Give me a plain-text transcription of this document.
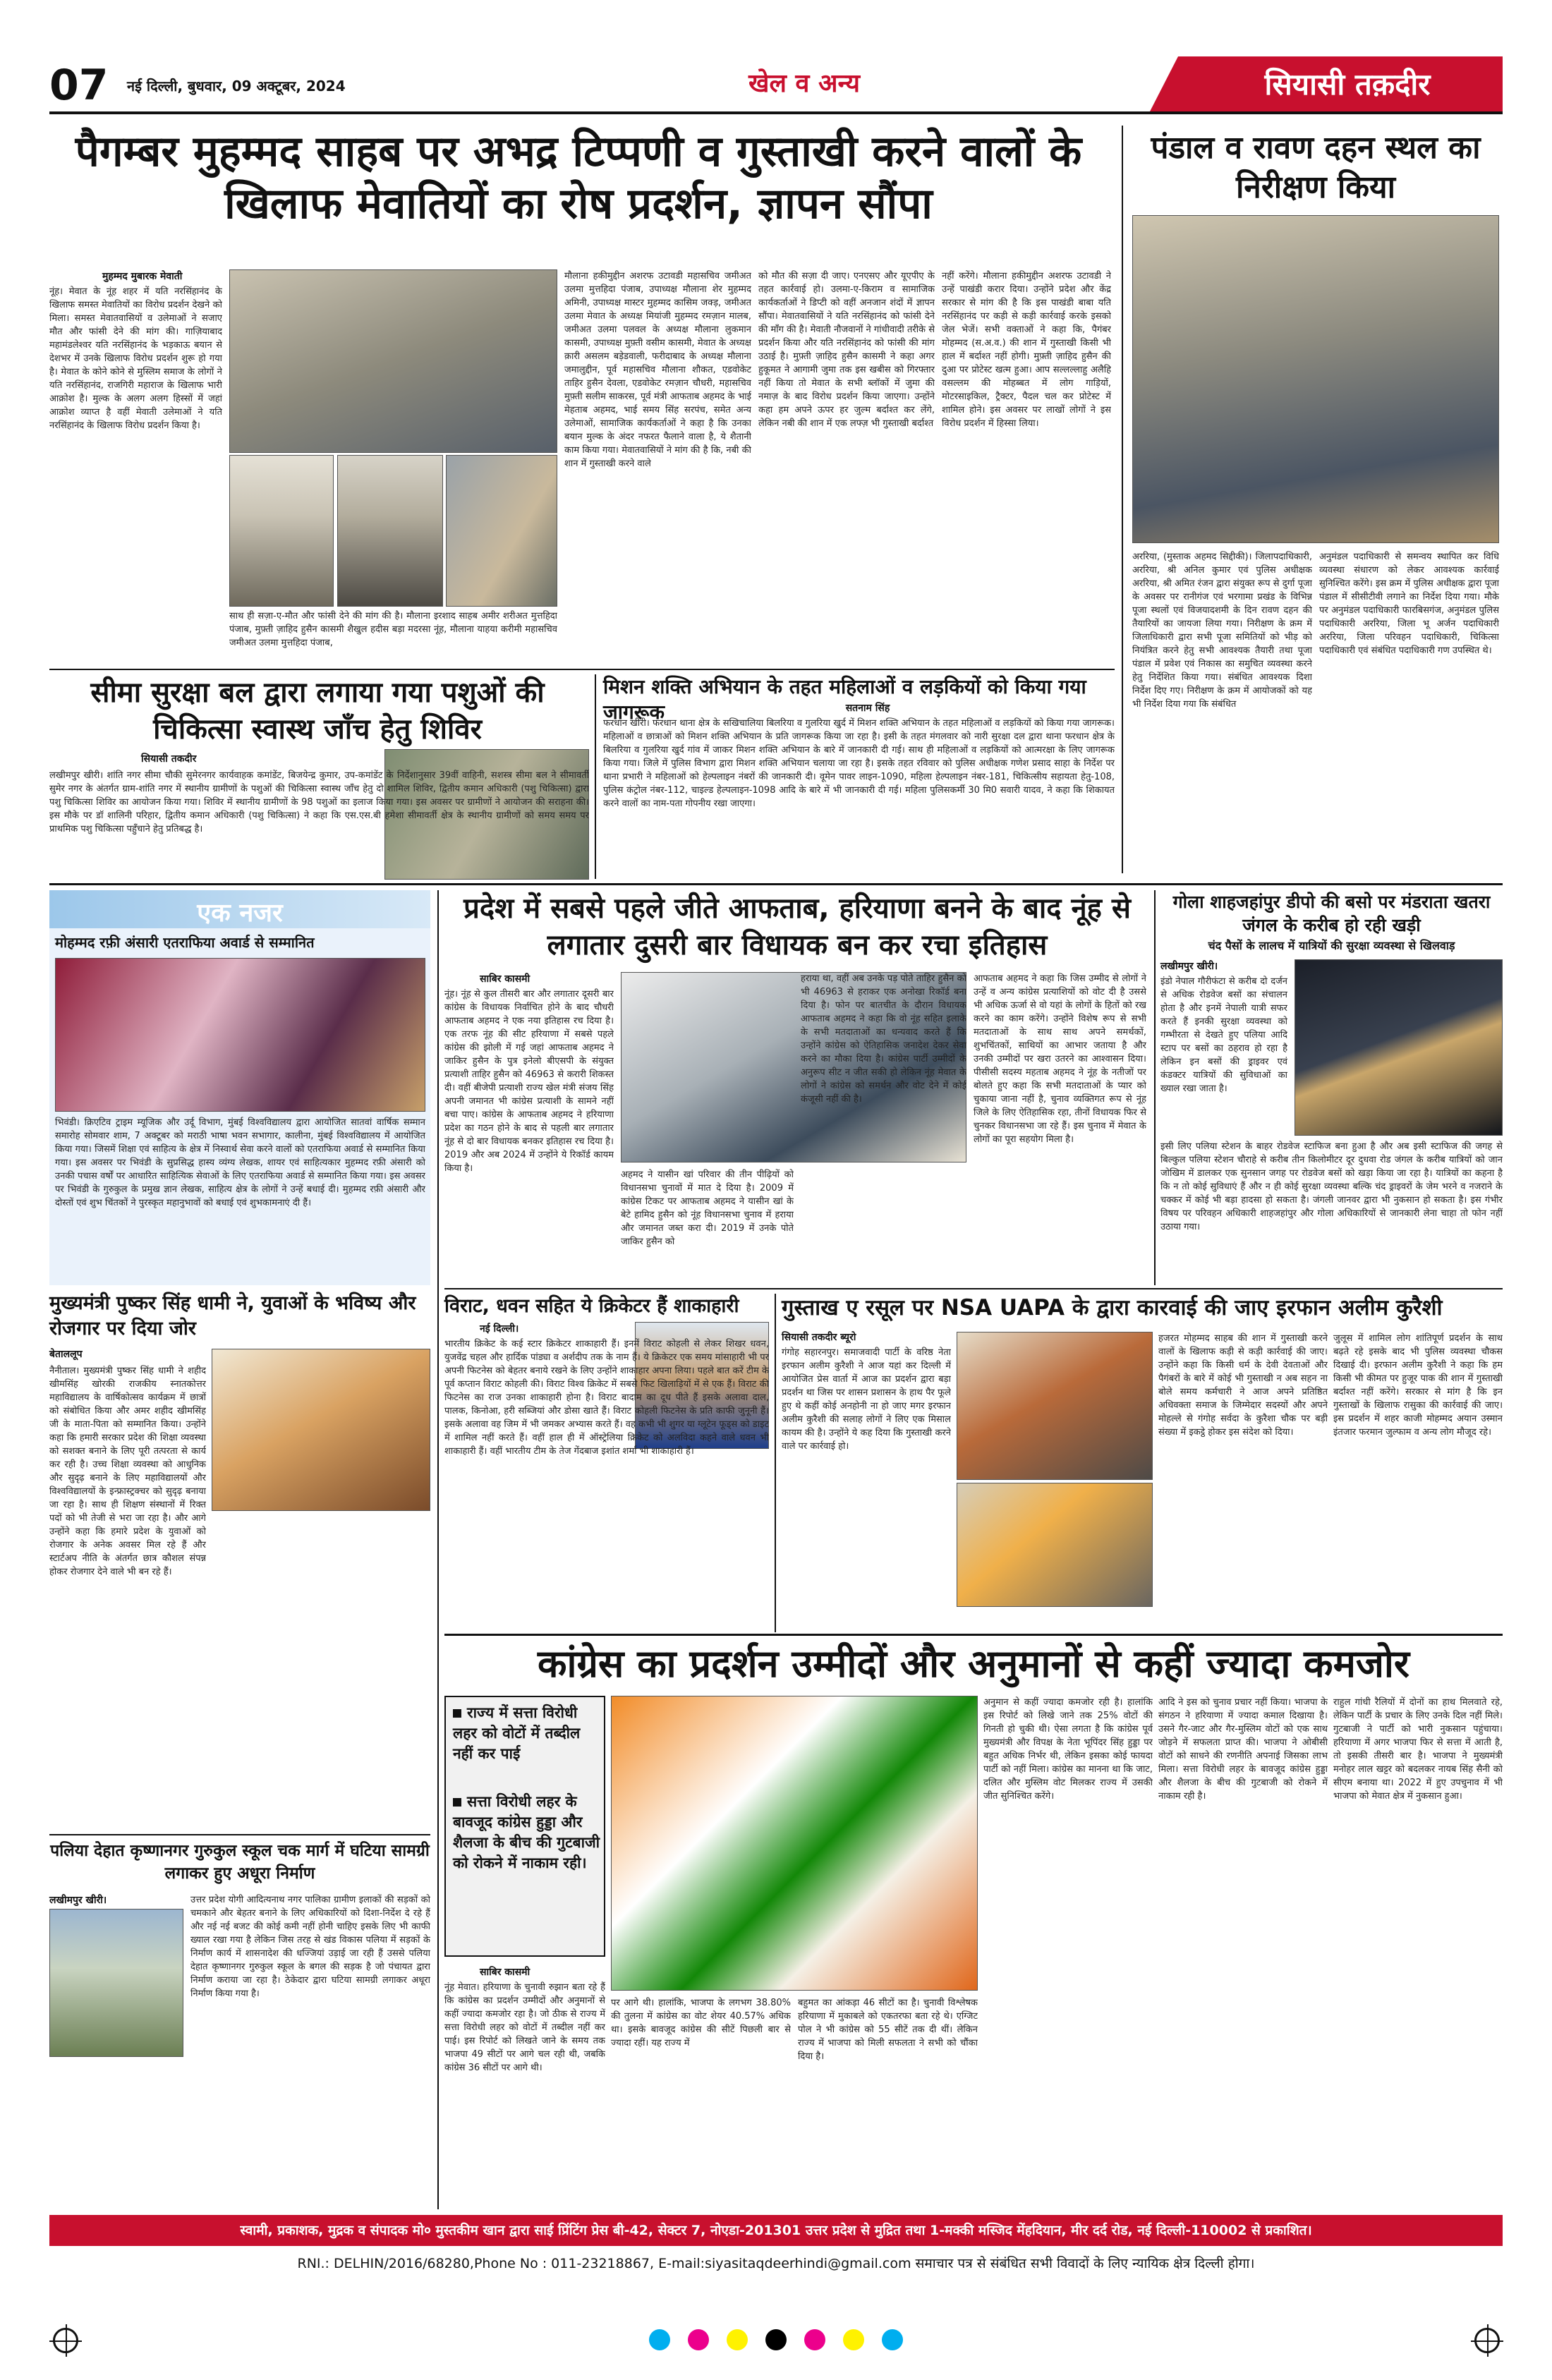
07 नई दिल्ली, बुधवार, 09 अक्टूबर, 2024	खेल व अन्य	सियासी तक़दीर
पैगम्बर मुहम्मद साहब पर अभद्र टिप्पणी व गुस्ताखी करने वालों के खिलाफ मेवातियों का रोष प्रदर्शन, ज्ञापन सौंपा
मुहम्मद मुबारक मेवाती
नूंह। मेवात के नूंह शहर में यति नरसिंहानंद के खिलाफ समस्त मेवातियों का विरोध प्रदर्शन देखने को मिला। समस्त मेवातवासियों व उलेमाओं ने सजाए मौत और फांसी देने की मांग की। गाज़ियाबाद महामंडलेश्वर यति नरसिंहानंद के भड़काऊ बयान से देशभर में उनके खिलाफ विरोध प्रदर्शन शुरू हो गया है। मेवात के कोने कोने से मुस्लिम समाज के लोगों ने यति नरसिंहानंद, राजगिरी महाराज के खिलाफ भारी आक्रोश है। मुल्क के अलग अलग हिस्सों में जहां आक्रोश व्याप्त है वहीं मेवाती उलेमाओं ने यति नरसिंहानंद के खिलाफ विरोध प्रदर्शन किया है।
साथ ही सज़ा-ए-मौत और फांसी देने की मांग की है। मौलाना इरशाद साहब अमीर शरीअत मुत्तहिदा पंजाब, मुफ़्ती ज़ाहिद हुसैन कासमी शैखुल हदीस बड़ा मदरसा नूंह, मौलाना याहया करीमी महासचिव जमीअत उलमा मुत्तहिदा पंजाब,
मौलाना हकीमुद्दीन अशरफ उटावडी महासचिव जमीअत उलमा मुत्तहिदा पंजाब, उपाध्यक्ष मौलाना शेर मुहम्मद अमिनी, उपाध्यक्ष मास्टर मुहम्मद कासिम जक्ड़, जमीअत उलमा मेवात के अध्यक्ष मियांजी मुहम्मद रमज़ान मालब, जमीअत उलमा पलवल के अध्यक्ष मौलाना लुकमान कासमी, उपाध्यक्ष मुफ़्ती वसीम कासमी, मेवात के अध्यक्ष क़ारी असलम बड़ेडवाली, फरीदाबाद के अध्यक्ष मौलाना जमालुद्दीन, पूर्व महासचिव मौलाना शौकत, एडवोकेट ताहिर हुसैन देवला, एडवोकेट रमज़ान चौधरी, महासचिव मुफ़्ती सलीम साकरस, पूर्व मंत्री आफताब अहमद के भाई मेहताब अहमद, भाई समय सिंह सरपंच, समेत अन्य उलेमाओं, सामाजिक कार्यकर्ताओं ने कहा है कि उनका बयान मुल्क के अंदर नफरत फैलाने वाला है, ये शैतानी काम किया गया। मेवातवासियों ने मांग की है कि, नबी की शान में गुस्ताखी करने वाले
को मौत की सज़ा दी जाए। एनएसए और यूएपीए के तहत कार्रवाई हो। उलमा-ए-किराम व सामाजिक कार्यकर्ताओं ने डिप्टी को वहीं अनजान शंदों में ज्ञापन सौंपा। मेवातवासियों ने यति नरसिंहानंद को फांसी देने की माँग की है। मेवाती नौजवानों ने गांधीवादी तरीके से प्रदर्शन किया और यति नरसिंहानंद को फांसी की मांग उठाई है। मुफ़्ती ज़ाहिद हुसैन कासमी ने कहा अगर हुकूमत ने आगामी जुमा तक इस खबीस को गिरफ्तार नहीं किया तो मेवात के सभी ब्लॉकों में जुमा की नमाज़ के बाद विरोध प्रदर्शन किया जाएगा। उन्होंने कहा हम अपने ऊपर हर जुल्म बर्दाश्त कर लेंगे, लेकिन नबी की शान में एक लफ्ज़ भी गुस्ताखी बर्दाश्त
नहीं करेंगे। मौलाना हकीमुद्दीन अशरफ उटावडी ने उन्हें पाखंडी करार दिया। उन्होंने प्रदेश और केंद्र सरकार से मांग की है कि इस पाखंडी बाबा यति नरसिंहानंद पर कड़ी से कड़ी कार्रवाई करके इसको जेल भेजें। सभी वक्ताओं ने कहा कि, पैगंबर मोहम्मद (स.अ.व.) की शान में गुस्ताखी किसी भी हाल में बर्दाश्त नहीं होगी। मुफ़्ती ज़ाहिद हुसैन की दुआ पर प्रोटेस्ट खत्म हुआ। आप सल्लल्लाहु अलैहि वसल्लम की मोहब्बत में लोग गाड़ियों, मोटरसाइकिल, ट्रैक्टर, पैदल चल कर प्रोटेस्ट में शामिल होने। इस अवसर पर लाखों लोगों ने इस विरोध प्रदर्शन में हिस्सा लिया।
पंडाल व रावण दहन स्थल का निरीक्षण किया
अररिया, (मुस्ताक अहमद सिद्दीकी)। जिलापदाधिकारी, अररिया, श्री अनिल कुमार एवं पुलिस अधीक्षक अररिया, श्री अमित रंजन द्वारा संयुक्त रूप से दुर्गा पूजा के अवसर पर रानीगंज एवं भरगामा प्रखंड के विभिन्न पूजा स्थलों एवं विजयादशमी के दिन रावण दहन की तैयारियों का जायजा लिया गया। निरीक्षण के क्रम में जिलाधिकारी द्वारा सभी पूजा समितियों को भीड़ को नियंत्रित करने हेतु सभी आवश्यक तैयारी तथा पूजा पंडाल में प्रवेश एवं निकास का समुचित व्यवस्था करने हेतु निर्देशित किया गया। संबंधित आवश्यक दिशा निर्देश दिए गए। निरीक्षण के क्रम में आयोजकों को यह भी निर्देश दिया गया कि संबंधित
अनुमंडल पदाधिकारी से समन्वय स्थापित कर विधि व्यवस्था संधारण को लेकर आवश्यक कार्रवाई सुनिश्चित करेंगे। इस क्रम में पुलिस अधीक्षक द्वारा पूजा पंडाल में सीसीटीवी लगाने का निर्देश दिया गया। मौके पर अनुमंडल पदाधिकारी फारबिसगंज, अनुमंडल पुलिस पदाधिकारी अररिया, जिला भू अर्जन पदाधिकारी अररिया, जिला परिवहन पदाधिकारी, चिकित्सा पदाधिकारी एवं संबंधित पदाधिकारी गण उपस्थित थे।
सीमा सुरक्षा बल द्वारा लगाया गया पशुओं की चिकित्सा स्वास्थ जाँच हेतु शिविर
सियासी तकदीर
लखीमपुर खीरी। शांति नगर सीमा चौकी सुमेरनगर कार्यवाहक कमांडेंट, बिजयेन्द्र कुमार, उप-कमांडेंट के निर्देशानुसार 39वीं वाहिनी, सशस्त्र सीमा बल ने सीमावर्ती सुमेर नगर के अंतर्गत ग्राम-शांति नगर में स्थानीय ग्रामीणों के पशुओं की चिकित्सा स्वास्थ जाँच हेतु दो शामिल शिविर, द्वितीय कमान अधिकारी (पशु चिकित्सा) द्वारा पशु चिकित्सा शिविर का आयोजन किया गया। शिविर में स्थानीय ग्रामीणों के 98 पशुओं का इलाज किया गया। इस अवसर पर ग्रामीणों ने आयोजन की सराहना की। इस मौके पर डॉ शालिनी परिहार, द्वितीय कमान अधिकारी (पशु चिकित्सा) ने कहा कि एस.एस.बी हमेशा सीमावर्ती क्षेत्र के स्थानीय ग्रामीणों को समय समय पर प्राथमिक पशु चिकित्सा पहुँचाने हेतु प्रतिबद्ध है।
मिशन शक्ति अभियान के तहत महिलाओं व लड़कियों को किया गया जागरूक	सतनाम सिंह
फरधान खीरी। फरधान थाना क्षेत्र के सखिचालिया बिलरिया व गुलरिया खुर्द में मिशन शक्ति अभियान के तहत महिलाओं व लड़कियों को किया गया जागरूक। महिलाओं व छात्राओं को मिशन शक्ति अभियान के प्रति जागरूक किया जा रहा है। इसी के तहत मंगलवार को नारी सुरक्षा दल द्वारा थाना फरधान क्षेत्र के बिलरिया व गुलरिया खुर्द गांव में जाकर मिशन शक्ति अभियान के बारे में जानकारी दी गई। साथ ही महिलाओं व लड़कियों को आत्मरक्षा के लिए जागरूक किया गया। जिले में पुलिस विभाग द्वारा मिशन शक्ति अभियान चलाया जा रहा है। इसके तहत रविवार को पुलिस अधीक्षक गणेश प्रसाद साहा के निर्देश पर थाना प्रभारी ने महिलाओं को हेल्पलाइन नंबरों की जानकारी दी। वूमेन पावर लाइन-1090, महिला हेल्पलाइन नंबर-181, चिकित्सीय सहायता हेतु-108, पुलिस कंट्रोल नंबर-112, चाइल्ड हेल्पलाइन-1098 आदि के बारे में भी जानकारी दी गई। महिला पुलिसकर्मी 30 मि0 सवारी यादव, ने कहा कि शिकायत करने वालों का नाम-पता गोपनीय रखा जाएगा।
एक नजर
मोहम्मद रफ़ी अंसारी एतराफिया अवार्ड से सम्मानित
भिवंडी। क्रिएटिव ट्राइम म्यूजिक और उर्दू विभाग, मुंबई विश्वविद्यालय द्वारा आयोजित सातवां वार्षिक सम्मान समारोह सोमवार शाम, 7 अक्टूबर को मराठी भाषा भवन सभागार, कालीना, मुंबई विश्वविद्यालय में आयोजित किया गया। जिसमें शिक्षा एवं साहित्य के क्षेत्र में निस्वार्थ सेवा करने वालों को एतराफिया अवार्ड से सम्मानित किया गया। इस अवसर पर भिवंडी के सुप्रसिद्ध हास्य व्यंग्य लेखक, शायर एवं साहित्यकार मुहम्मद रफ़ी अंसारी को उनकी पचास वर्षों पर आधारित साहित्यिक सेवाओं के लिए एतराफिया अवार्ड से सम्मानित किया गया। इस अवसर पर भिवंडी के गुरुकुल के प्रमुख ज्ञान लेखक, साहित्य क्षेत्र के लोगों ने उन्हें बधाई दी। मुहम्मद रफ़ी अंसारी और दोस्तों एवं शुभ चिंतकों ने पुरस्कृत महानुभावों को बधाई एवं शुभकामनाएं दी हैं।
मुख्यमंत्री पुष्कर सिंह धामी ने, युवाओं के भविष्य और रोजगार पर दिया जोर
बेताललूप
नैनीताल। मुख्यमंत्री पुष्कर सिंह धामी ने शहीद खीमसिंह खोरकी राजकीय स्नातकोत्तर महाविद्यालय के वार्षिकोत्सव कार्यक्रम में छात्रों को संबोधित किया और अमर शहीद खीमसिंह जी के माता-पिता को सम्मानित किया। उन्होंने कहा कि हमारी सरकार प्रदेश की शिक्षा व्यवस्था को सशक्त बनाने के लिए पूरी तत्परता से कार्य कर रही है। उच्च शिक्षा व्यवस्था को आधुनिक और सुदृढ़ बनाने के लिए महाविद्यालयों और विश्वविद्यालयों के इन्फ्रास्ट्रक्चर को सुदृढ़ बनाया जा रहा है। साथ ही शिक्षण संस्थानों में रिक्त पदों को भी तेजी से भरा जा रहा है। और आगे उन्होंने कहा कि हमारे प्रदेश के युवाओं को रोजगार के अनेक अवसर मिल रहे हैं और स्टार्टअप नीति के अंतर्गत छात्र कौशल संपन्न होकर रोजगार देने वाले भी बन रहे हैं।
पलिया देहात कृष्णानगर गुरुकुल स्कूल चक मार्ग में घटिया सामग्री लगाकर हुए अधूरा निर्माण
लखीमपुर खीरी।	उत्तर प्रदेश योगी आदित्यनाथ नगर पालिका ग्रामीण इलाकों की सड़कों को चमकाने और बेहतर बनाने के लिए अधिकारियों को दिशा-निर्देश दे रहे हैं और नई नई बजट की कोई कमी नहीं होनी चाहिए इसके लिए भी काफी ख्याल रखा गया है लेकिन जिस तरह से खंड विकास पलिया में सड़कों के निर्माण कार्य में शासनादेश की धज्जियां उड़ाई जा रही हैं उससे पलिया देहात कृष्णानगर गुरुकुल स्कूल के बगल की सड़क है जो पंचायत द्वारा निर्माण कराया जा रहा है। ठेकेदार द्वारा घटिया सामग्री लगाकर अधूरा निर्माण किया गया है।
प्रदेश में सबसे पहले जीते आफताब, हरियाणा बनने के बाद नूंह से लगातार दुसरी बार विधायक बन कर रचा इतिहास
साबिर कासमी
नूंह। नूंह से कुल तीसरी बार और लगातार दूसरी बार कांग्रेस के विधायक निर्वाचित होने के बाद चौधरी आफताब अहमद ने एक नया इतिहास रच दिया है। एक तरफ नूंह की सीट हरियाणा में सबसे पहले कांग्रेस की झोली में गई जहां आफताब अहमद ने जाकिर हुसैन के पुत्र इनेलो बीएसपी के संयुक्त प्रत्याशी ताहिर हुसैन को 46963 से करारी शिकस्त दी। वहीं बीजेपी प्रत्याशी राज्य खेल मंत्री संजय सिंह अपनी जमानत भी कांग्रेस प्रत्याशी के सामने नहीं बचा पाए। कांग्रेस के आफताब अहमद ने हरियाणा प्रदेश का गठन होने के बाद से पहली बार लगातार नूंह से दो बार विधायक बनकर इतिहास रच दिया है। 2019 और अब 2024 में उन्होंने ये रिकॉर्ड कायम किया है।
अहमद ने यासीन खां परिवार की तीन पीढ़ियों को विधानसभा चुनावों में मात दे दिया है। 2009 में कांग्रेस टिकट पर आफताब अहमद ने यासीन खां के बेटे हामिद हुसैन को नूंह विधानसभा चुनाव में हराया और जमानत जब्त करा दी। 2019 में उनके पोते जाकिर हुसैन को
हराया था, वहीं अब उनके पड़ पोते ताहिर हुसैन को भी 46963 से हराकर एक अनोखा रिकॉर्ड बना दिया है। फोन पर बातचीत के दौरान विधायक आफताब अहमद ने कहा कि वो नूंह सहित इलाके के सभी मतदाताओं का धन्यवाद करते हैं कि उन्होंने कांग्रेस को ऐतिहासिक जनादेश देकर सेवा करने का मौका दिया है। कांग्रेस पार्टी उम्मीदों के अनुरूप सीट न जीत सकी हो लेकिन नूंह मेवात के लोगों ने कांग्रेस को समर्थन और वोट देने में कोई कंजूसी नहीं की है।
आफताब अहमद ने कहा कि जिस उम्मीद से लोगों ने उन्हें व अन्य कांग्रेस प्रत्याशियों को वोट दी है उससे भी अधिक ऊर्जा से वो यहां के लोगों के हितों को रख करने का काम करेंगे। उन्होंने विशेष रूप से सभी मतदाताओं के साथ साथ अपने समर्थकों, शुभचिंतकों, साथियों का आभार जताया है और उनकी उम्मीदों पर खरा उतरने का आश्वासन दिया। पीसीसी सदस्य महताब अहमद ने नूंह के नतीजों पर बोलते हुए कहा कि सभी मतदाताओं के प्यार को चुकाया जाना नहीं है, चुनाव व्यक्तिगत रूप से नूंह जिले के लिए ऐतिहासिक रहा, तीनों विधायक फिर से चुनकर विधानसभा जा रहे हैं। इस चुनाव में मेवात के लोगों का पूरा सहयोग मिला है।
गोला शाहजहांपुर डीपो की बसो पर मंडराता खतरा जंगल के करीब हो रही खड़ी
चंद पैसों के लालच में यात्रियों की सुरक्षा व्यवस्था से खिलवाड़
लखीमपुर खीरी।
इंडो नेपाल गौरीफंटा से करीब दो दर्जन से अधिक रोडवेज बसों का संचालन होता है और इनमें नेपाली यात्री सफर करते हैं इनकी सुरक्षा व्यवस्था को गम्भीरता से देखते हुए पलिया आदि स्टाप पर बसों का ठहराव हो रहा है लेकिन इन बसों की ड्राइवर एवं कंडक्टर यात्रियों की सुविधाओं का ख्याल रखा जाता है।
इसी लिए पलिया स्टेशन के बाहर रोडवेज स्टाफिज बना हुआ है और अब इसी स्टाफिज की जगह से बिल्कुल पलिया स्टेशन चौराहे से करीब तीन किलोमीटर दूर दुधवा रोड जंगल के करीब यात्रियों को जान जोखिम में डालकर एक सुनसान जगह पर रोडवेज बसों को खड़ा किया जा रहा है। यात्रियों का कहना है कि न तो कोई सुविधाएं हैं और न ही कोई सुरक्षा व्यवस्था बल्कि चंद ड्राइवरों के जेम भरने व नजराने के चक्कर में कोई भी बड़ा हादसा हो सकता है। जंगली जानवर द्वारा भी नुकसान हो सकता है। इस गंभीर विषय पर परिवहन अधिकारी शाहजहांपुर और गोला अधिकारियों से जानकारी लेना चाहा तो फोन नहीं उठाया गया।
विराट, धवन सहित ये क्रिकेटर हैं शाकाहारी
नई दिल्ली।
भारतीय क्रिकेट के कई स्टार क्रिकेटर शाकाहारी हैं। इनमें विराट कोहली से लेकर शिखर धवन, युजवेंद्र चहल और हार्दिक पांड्या व अर्शदीप तक के नाम हैं। ये क्रिकेटर एक समय मांसाहारी भी पर अपनी फिटनेस को बेहतर बनाये रखने के लिए उन्होंने शाकाहार अपना लिया। पहले बात करें टीम के पूर्व कप्तान विराट कोहली की। विराट विश्व क्रिकेट में सबसे फिट खिलाड़ियों में से एक हैं। विराट की फिटनेस का राज उनका शाकाहारी होना है। विराट बादाम का दूध पीते हैं इसके अलावा दाल, पालक, किनोआ, हरी सब्जियां और डोसा खाते हैं। विराट कोहली फिटनेस के प्रति काफी जुनूनी हैं। इसके अलावा वह जिम में भी जमकर अभ्यास करते हैं। वह कभी भी शुगर या ग्लूटेन फूड्स को डाइट में शामिल नहीं करते हैं। वहीं हाल ही में ऑस्ट्रेलिया क्रिकेट को अलविदा कहने वाले धवन भी शाकाहारी हैं। वहीं भारतीय टीम के तेज गेंदबाज इशांत शर्मा भी शाकाहारी हैं।
गुस्ताख ए रसूल पर NSA UAPA के द्वारा कारवाई की जाए इरफान अलीम कुरैशी
सियासी तकदीर ब्यूरो
गंगोह सहारनपुर। समाजवादी पार्टी के वरिष्ठ नेता इरफान अलीम कुरैशी ने आज यहां कर दिल्ली में आयोजित प्रेस वार्ता में आज का प्रदर्शन द्वारा बड़ा प्रदर्शन था जिस पर शासन प्रशासन के हाथ पैर फूले हुए थे कहीं कोई अनहोनी ना हो जाए मगर इरफान अलीम कुरैशी की सलाह लोगों ने लिए एक मिसाल कायम की है। उन्होंने ये कह दिया कि गुस्ताखी करने वाले पर कार्रवाई हो।
हजरत मोहम्मद साहब की शान में गुस्ताखी करने वालों के खिलाफ कड़ी से कड़ी कार्रवाई की जाए। उन्होंने कहा कि किसी धर्म के देवी देवताओं और पैगंबरों के बारे में कोई भी गुस्ताखी न अब सहन ना बोले समय कर्मचारी ने आज अपने प्रतिष्ठित अधिवक्ता समाज के जिम्मेदार सदस्यों और अपने मोहल्ले से गंगोह सर्वदा के कुरैशा चौक पर बड़ी संख्या में इकट्ठे होकर इस संदेश को दिया।
जुलूस में शामिल लोग शांतिपूर्ण प्रदर्शन के साथ बढ़ते रहे इसके बाद भी पुलिस व्यवस्था चौकस दिखाई दी। इरफान अलीम कुरैशी ने कहा कि हम किसी भी कीमत पर हुजूर पाक की शान में गुस्ताखी बर्दाश्त नहीं करेंगे। सरकार से मांग है कि इन गुस्ताखों के खिलाफ रासुका की कार्रवाई की जाए। इस प्रदर्शन में शहर काजी मोहम्मद अयान उस्मान इंतजार फरमान जुल्फाम व अन्य लोग मौजूद रहे।
कांग्रेस का प्रदर्शन उम्मीदों और अनुमानों से कहीं ज्यादा कमजोर
राज्य में सत्ता विरोधी लहर को वोटों में तब्दील नहीं कर पाई
सत्ता विरोधी लहर के बावजूद कांग्रेस हुड्डा और शैलजा के बीच की गुटबाजी को रोकने में नाकाम रही।
साबिर कासमी
नूंह मेवात। हरियाणा के चुनावी रुझान बता रहे हैं कि कांग्रेस का प्रदर्शन उम्मीदों और अनुमानों से कहीं ज्यादा कमजोर रहा है। जो ठीक से राज्य में सत्ता विरोधी लहर को वोटों में तब्दील नहीं कर पाई। इस रिपोर्ट को लिखते जाने के समय तक भाजपा 49 सीटों पर आगे चल रही थी, जबकि कांग्रेस 36 सीटों पर आगे थी।
पर आगे थी। हालांकि, भाजपा के लगभग 38.80% की तुलना में कांग्रेस का वोट शेयर 40.57% अधिक था। इसके बावजूद कांग्रेस की सीटें पिछली बार से ज्यादा रहीं। यह राज्य में
बहुमत का आंकड़ा 46 सीटों का है। चुनावी विश्लेषक हरियाणा में मुकाबले को एकतरफा बता रहे थे। एग्जिट पोल ने भी कांग्रेस को 55 सीटें तक दी थीं। लेकिन राज्य में भाजपा को मिली सफलता ने सभी को चौंका दिया है।
अनुमान से कहीं ज्यादा कमजोर रही है। हालांकि इस रिपोर्ट को लिखे जाने तक 25% वोटों की गिनती हो चुकी थी। ऐसा लगता है कि कांग्रेस पूर्व मुख्यमंत्री और विपक्ष के नेता भूपिंदर सिंह हुड्डा पर बहुत अधिक निर्भर थी, लेकिन इसका कोई फायदा पार्टी को नहीं मिला। कांग्रेस का मानना था कि जाट, दलित और मुस्लिम वोट मिलकर राज्य में उसकी जीत सुनिश्चित करेंगे।
आदि ने इस को चुनाव प्रचार नहीं किया। भाजपा के संगठन ने हरियाणा में ज्यादा कमाल दिखाया है। उसने गैर-जाट और गैर-मुस्लिम वोटों को एक साथ जोड़ने में सफलता प्राप्त की। भाजपा ने ओबीसी वोटों को साधने की रणनीति अपनाई जिसका लाभ मिला। सत्ता विरोधी लहर के बावजूद कांग्रेस हुड्डा और शैलजा के बीच की गुटबाजी को रोकने में नाकाम रही है।
राहुल गांधी रैलियों में दोनों का हाथ मिलवाते रहे, लेकिन पार्टी के प्रचार के लिए उनके दिल नहीं मिले। गुटबाजी ने पार्टी को भारी नुकसान पहुंचाया। हरियाणा में अगर भाजपा फिर से सत्ता में आती है, तो इसकी तीसरी बार है। भाजपा ने मुख्यमंत्री मनोहर लाल खट्टर को बदलकर नायब सिंह सैनी को सीएम बनाया था। 2022 में हुए उपचुनाव में भी भाजपा को मेवात क्षेत्र में नुकसान हुआ।
स्वामी, प्रकाशक, मुद्रक व संपादक मो० मुस्तकीम खान द्वारा साई प्रिंटिंग प्रेस बी-42, सेक्टर 7, नोएडा-201301 उत्तर प्रदेश से मुद्रित तथा 1-मक्की मस्जिद मेंहदियान, मीर दर्द रोड, नई दिल्ली-110002 से प्रकाशित।
RNI.: DELHIN/2016/68280,Phone No : 011-23218867, E-mail:siyasitaqdeerhindi@gmail.com समाचार पत्र से संबंधित सभी विवादों के लिए न्यायिक क्षेत्र दिल्ली होगा।
